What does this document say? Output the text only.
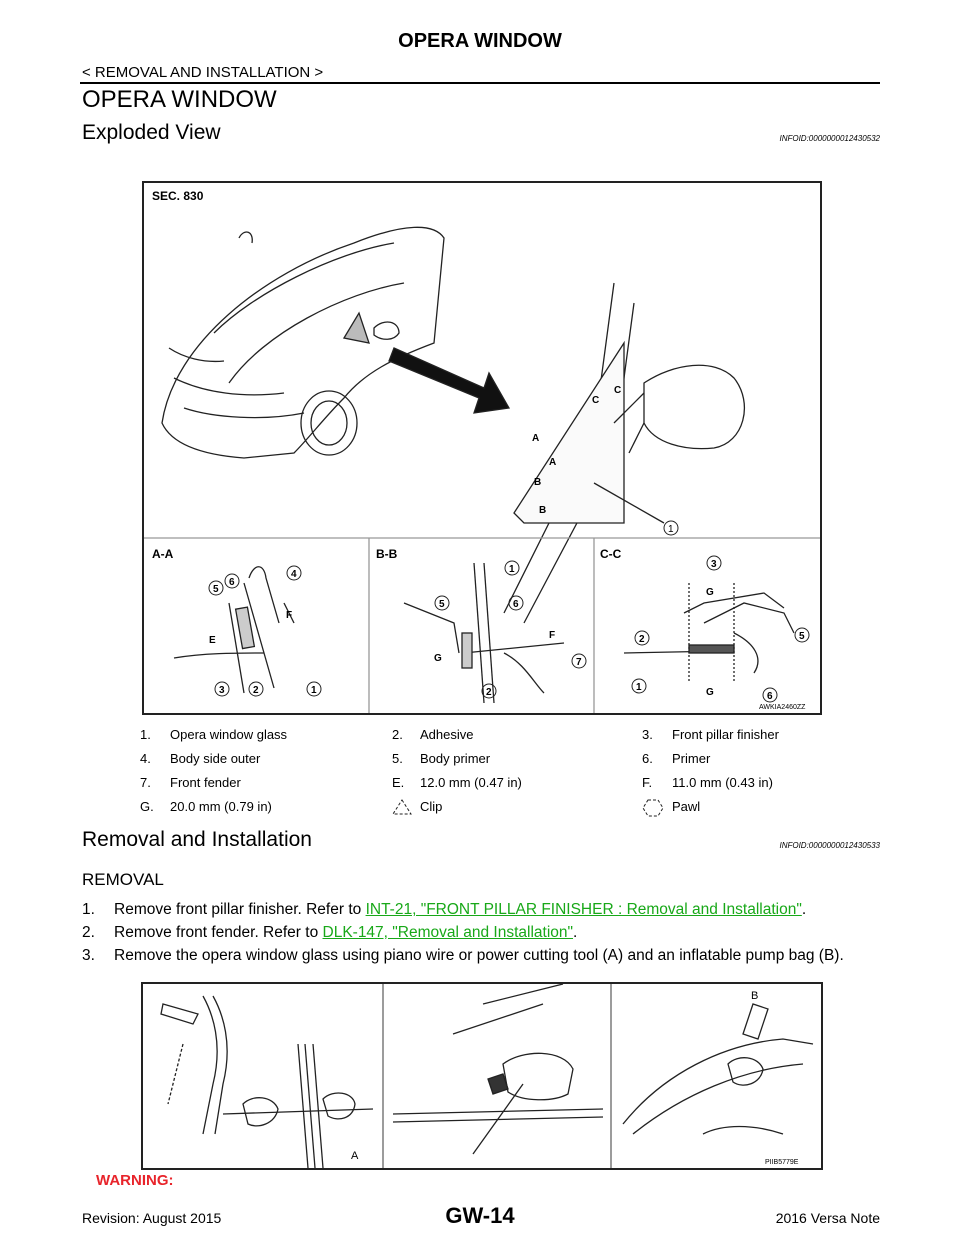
OPERA WINDOW
< REMOVAL AND INSTALLATION >
OPERA WINDOW
Exploded View	INFOID:0000000012430532
SEC. 830
C
C
A
A
B
B
1
A-A	B-B	C-C
5
6
4
F
E
3	2	1
1
5	6
F
G	7
2
3
G
2	5
1	G	6
AWKIA2460ZZ
1. Opera window glass	2. Adhesive	3. Front pillar finisher
4. Body side outer	5. Body primer	6. Primer
7. Front fender	E. 12.0 mm (0.47 in)	F. 11.0 mm (0.43 in)
G. 20.0 mm (0.79 in)	Clip	Pawl
Removal and Installation	INFOID:0000000012430533
REMOVAL
1. Remove front pillar finisher. Refer to INT-21, "FRONT PILLAR FINISHER : Removal and Installation".
2. Remove front fender. Refer to DLK-147, "Removal and Installation".
3. Remove the opera window glass using piano wire or power cutting tool (A) and an inflatable pump bag (B).
A
B
PIIB5779E
WARNING:
GW-14
Revision: August 2015	2016 Versa Note
